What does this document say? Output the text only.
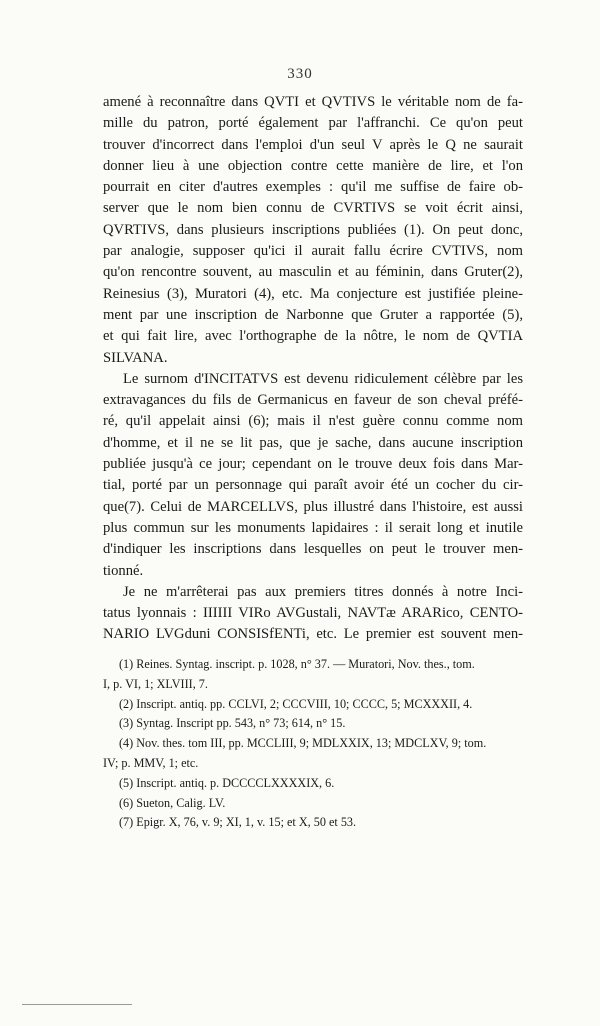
330

amené à reconnaître dans QVTI et QVTIVS le véritable nom de fa-
mille du patron, porté également par l'affranchi. Ce qu'on peut
trouver d'incorrect dans l'emploi d'un seul V après le Q ne saurait
donner lieu à une objection contre cette manière de lire, et l'on
pourrait en citer d'autres exemples : qu'il me suffise de faire ob-
server que le nom bien connu de CVRTIVS se voit écrit ainsi,
QVRTIVS, dans plusieurs inscriptions publiées (1). On peut donc,
par analogie, supposer qu'ici il aurait fallu écrire CVTIVS, nom
qu'on rencontre souvent, au masculin et au féminin, dans Gruter(2),
Reinesius (3), Muratori (4), etc. Ma conjecture est justifiée pleine-
ment par une inscription de Narbonne que Gruter a rapportée (5),
et qui fait lire, avec l'orthographe de la nôtre, le nom de QVTIA
SILVANA.

Le surnom d'INCITATVS est devenu ridiculement célèbre par les
extravagances du fils de Germanicus en faveur de son cheval préfé-
ré, qu'il appelait ainsi (6); mais il n'est guère connu comme nom
d'homme, et il ne se lit pas, que je sache, dans aucune inscription
publiée jusqu'à ce jour; cependant on le trouve deux fois dans Mar-
tial, porté par un personnage qui paraît avoir été un cocher du cir-
que(7). Celui de MARCELLVS, plus illustré dans l'histoire, est aussi
plus commun sur les monuments lapidaires : il serait long et inutile
d'indiquer les inscriptions dans lesquelles on peut le trouver men-
tionné.

Je ne m'arrêterai pas aux premiers titres donnés à notre Inci-
tatus lyonnais : IIIIII VIRo AVGustali, NAVTæ ARARico, CENTO-
NARIO LVGduni CONSISfENTi, etc. Le premier est souvent men-

(1) Reines. Syntag. inscript. p. 1028, n° 37. — Muratori, Nov. thes., tom.
I, p. VI, 1; XLVIII, 7.
(2) Inscript. antiq. pp. CCLVI, 2; CCCVIII, 10; CCCC, 5; MCXXXII, 4.
(3) Syntag. Inscript pp. 543, n° 73; 614, n° 15.
(4) Nov. thes. tom III, pp. MCCLIII, 9; MDLXXIX, 13; MDCLXV, 9; tom.
IV; p. MMV, 1; etc.
(5) Inscript. antiq. p. DCCCCLXXXXIX, 6.
(6) Sueton, Calig. LV.
(7) Epigr. X, 76, v. 9; XI, 1, v. 15; et X, 50 et 53.
